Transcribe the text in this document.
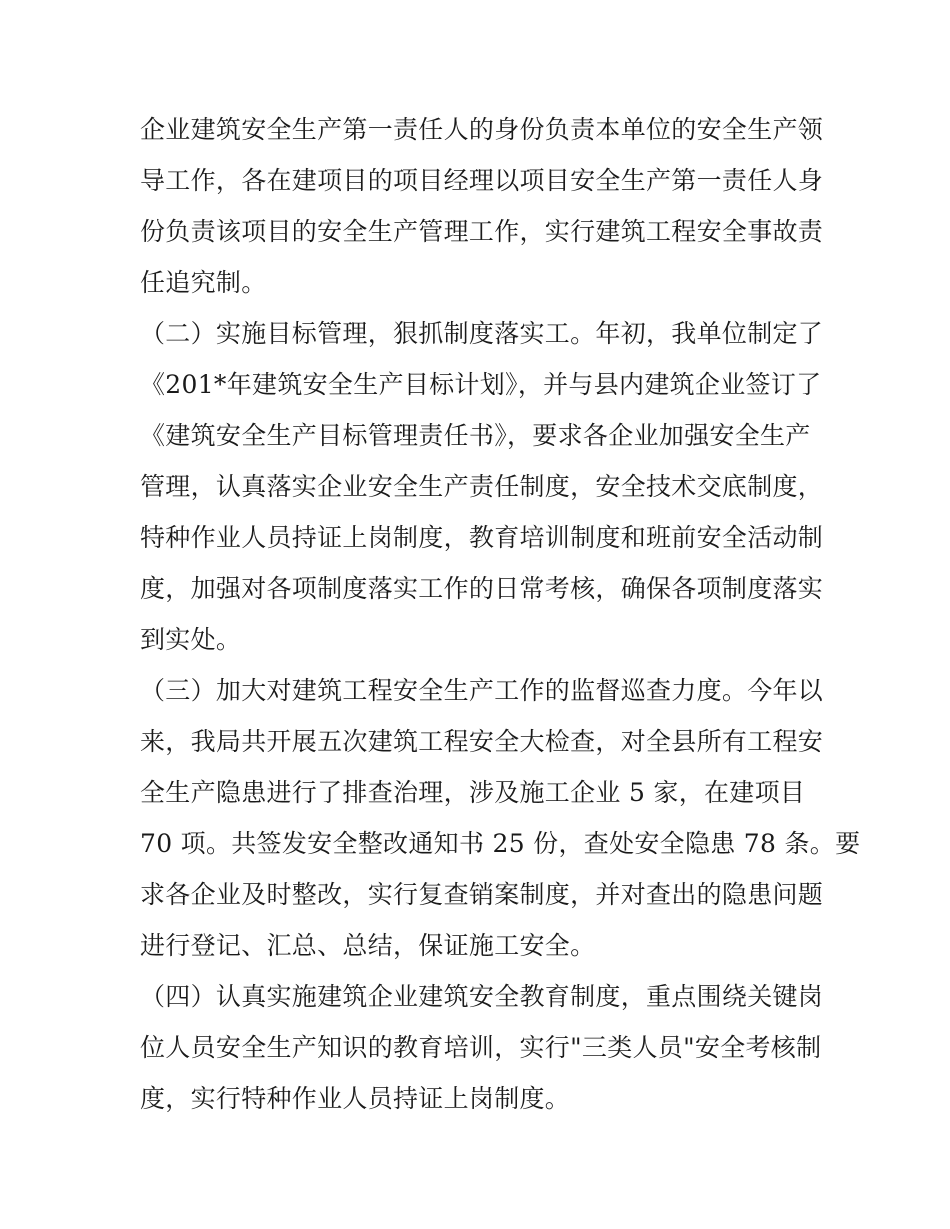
企业建筑安全生产第一责任人的身份负责本单位的安全生产领
导工作，各在建项目的项目经理以项目安全生产第一责任人身
份负责该项目的安全生产管理工作，实行建筑工程安全事故责
任追究制。
（二）实施目标管理，狠抓制度落实工。年初，我单位制定了
《201*年建筑安全生产目标计划》，并与县内建筑企业签订了
《建筑安全生产目标管理责任书》，要求各企业加强安全生产
管理，认真落实企业安全生产责任制度，安全技术交底制度，
特种作业人员持证上岗制度，教育培训制度和班前安全活动制
度，加强对各项制度落实工作的日常考核，确保各项制度落实
到实处。
（三）加大对建筑工程安全生产工作的监督巡查力度。今年以
来，我局共开展五次建筑工程安全大检查，对全县所有工程安
全生产隐患进行了排查治理，涉及施工企业 5 家，在建项目
70 项。共签发安全整改通知书 25 份，查处安全隐患 78 条。要
求各企业及时整改，实行复查销案制度，并对查出的隐患问题
进行登记、汇总、总结，保证施工安全。
（四）认真实施建筑企业建筑安全教育制度，重点围绕关键岗
位人员安全生产知识的教育培训，实行"三类人员"安全考核制
度，实行特种作业人员持证上岗制度。
